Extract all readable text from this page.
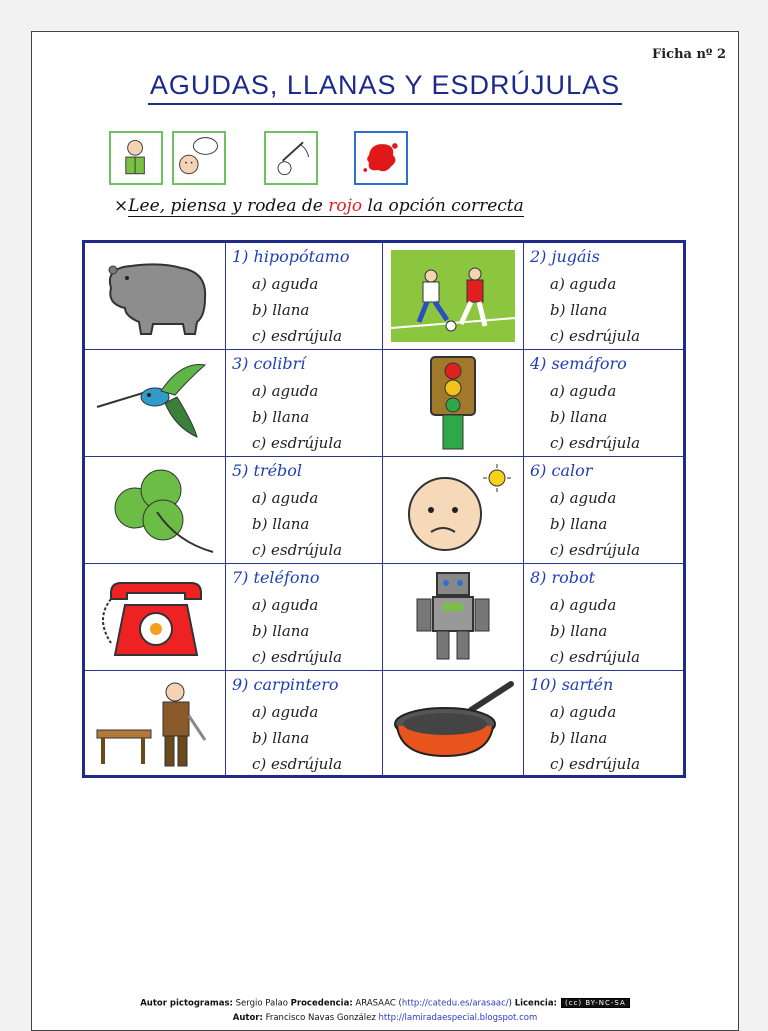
Ficha nº 2
AGUDAS, LLANAS Y ESDRÚJULAS
×Lee, piensa y rodea de rojo la opción correcta
1) hipopótamo
a) aguda
b) llana
c) esdrújula
2) jugáis
a) aguda
b) llana
c) esdrújula
3) colibrí
a) aguda
b) llana
c) esdrújula
4) semáforo
a) aguda
b) llana
c) esdrújula
5) trébol
a) aguda
b) llana
c) esdrújula
6) calor
a) aguda
b) llana
c) esdrújula
7) teléfono
a) aguda
b) llana
c) esdrújula
8) robot
a) aguda
b) llana
c) esdrújula
9) carpintero
a) aguda
b) llana
c) esdrújula
10) sartén
a) aguda
b) llana
c) esdrújula
Autor pictogramas: Sergio Palao Procedencia: ARASAAC (http://catedu.es/arasaac/) Licencia: (cc) BY-NC-SA
Autor: Francisco Navas González http://lamiradaespecial.blogspot.com
